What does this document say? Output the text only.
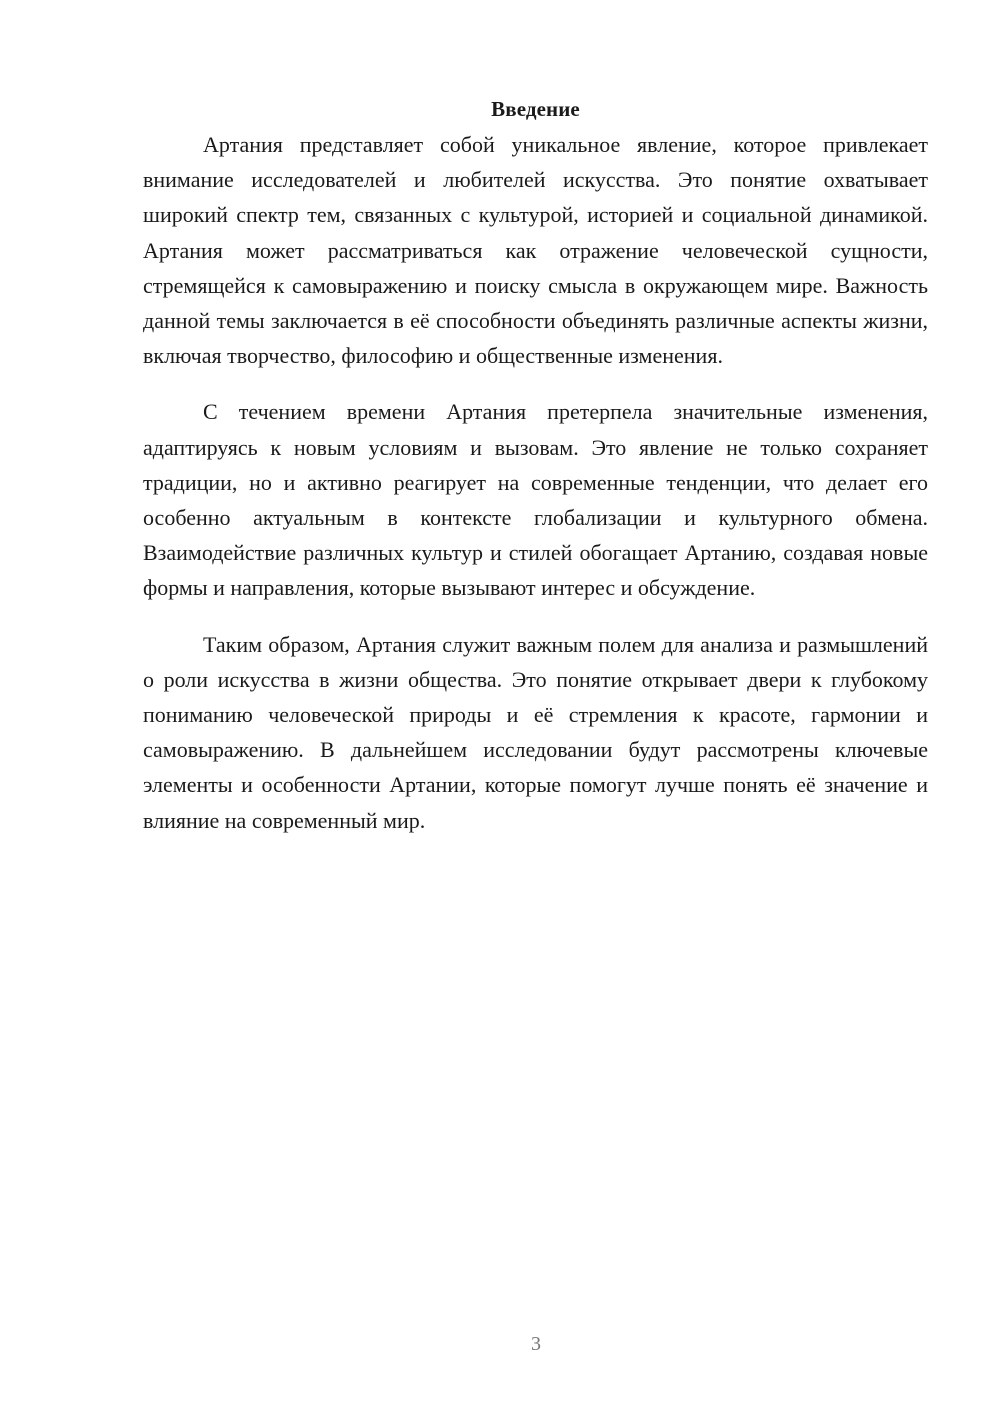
Введение

Артания представляет собой уникальное явление, которое привлекает внимание исследователей и любителей искусства. Это понятие охватывает широкий спектр тем, связанных с культурой, историей и социальной динамикой. Артания может рассматриваться как отражение человеческой сущности, стремящейся к самовыражению и поиску смысла в окружающем мире. Важность данной темы заключается в её способности объединять различные аспекты жизни, включая творчество, философию и общественные изменения.

С течением времени Артания претерпела значительные изменения, адаптируясь к новым условиям и вызовам. Это явление не только сохраняет традиции, но и активно реагирует на современные тенденции, что делает его особенно актуальным в контексте глобализации и культурного обмена. Взаимодействие различных культур и стилей обогащает Артанию, создавая новые формы и направления, которые вызывают интерес и обсуждение.

Таким образом, Артания служит важным полем для анализа и размышлений о роли искусства в жизни общества. Это понятие открывает двери к глубокому пониманию человеческой природы и её стремления к красоте, гармонии и самовыражению. В дальнейшем исследовании будут рассмотрены ключевые элементы и особенности Артании, которые помогут лучше понять её значение и влияние на современный мир.

3
